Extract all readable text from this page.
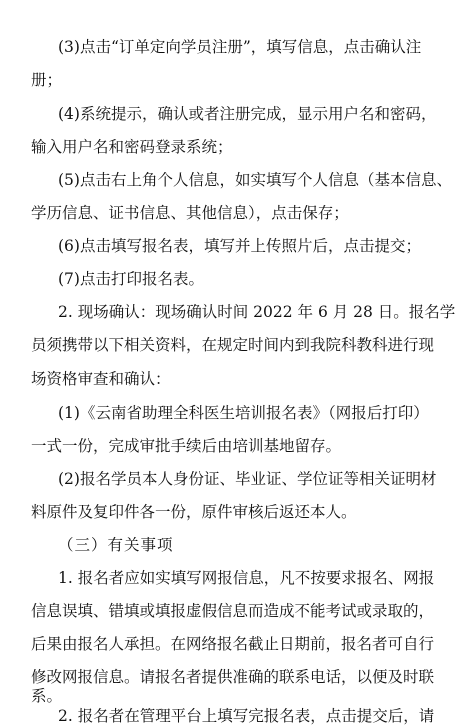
(3)点击“订单定向学员注册”，填写信息，点击确认注
册；
(4)系统提示，确认或者注册完成，显示用户名和密码，
输入用户名和密码登录系统；
(5)点击右上角个人信息，如实填写个人信息（基本信息、
学历信息、证书信息、其他信息），点击保存；
(6)点击填写报名表，填写并上传照片后，点击提交；
(7)点击打印报名表。
2. 现场确认：现场确认时间 2022 年 6 月 28 日。报名学
员须携带以下相关资料，在规定时间内到我院科教科进行现
场资格审查和确认：
(1)《云南省助理全科医生培训报名表》（网报后打印）
一式一份，完成审批手续后由培训基地留存。
(2)报名学员本人身份证、毕业证、学位证等相关证明材
料原件及复印件各一份，原件审核后返还本人。
（三）有关事项
1. 报名者应如实填写网报信息，凡不按要求报名、网报
信息误填、错填或填报虚假信息而造成不能考试或录取的，
后果由报名人承担。在网络报名截止日期前，报名者可自行
修改网报信息。请报名者提供准确的联系电话，以便及时联
系。
2. 报名者在管理平台上填写完报名表，点击提交后，请
